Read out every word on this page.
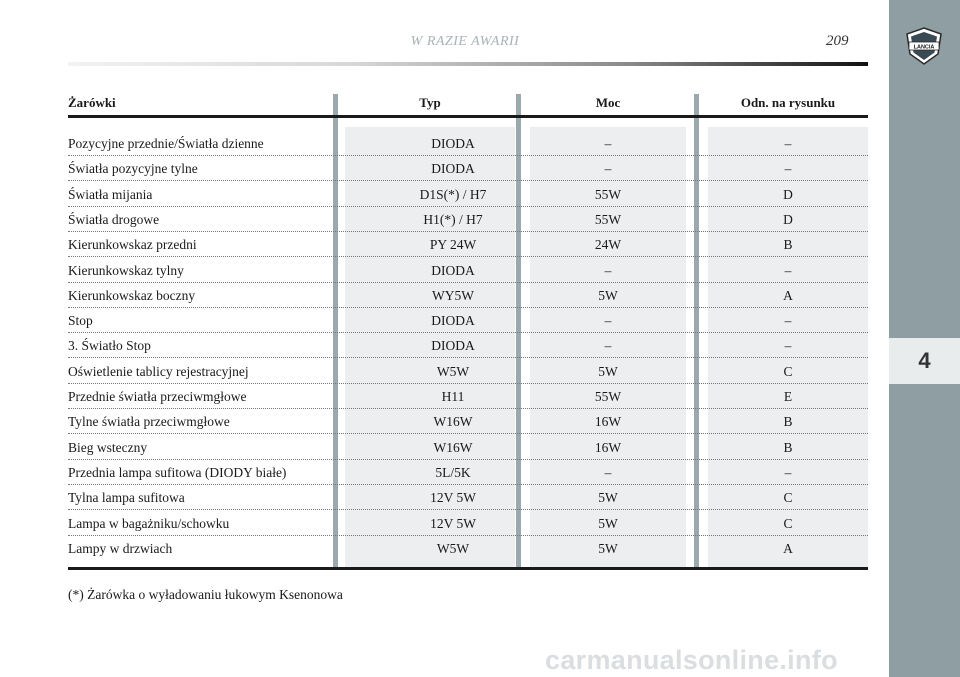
W RAZIE AWARII	209	LANCIA
4
Żarówki	Typ	Moc	Odn. na rysunku
Pozycyjne przednie/Światła dzienne	DIODA	–	–
Światła pozycyjne tylne	DIODA	–	–
Światła mijania	D1S(*) / H7	55W	D
Światła drogowe	H1(*) / H7	55W	D
Kierunkowskaz przedni	PY 24W	24W	B
Kierunkowskaz tylny	DIODA	–	–
Kierunkowskaz boczny	WY5W	5W	A
Stop	DIODA	–	–
3. Światło Stop	DIODA	–	–
Oświetlenie tablicy rejestracyjnej	W5W	5W	C
Przednie światła przeciwmgłowe	H11	55W	E
Tylne światła przeciwmgłowe	W16W	16W	B
Bieg wsteczny	W16W	16W	B
Przednia lampa sufitowa (DIODY białe)	5L/5K	–	–
Tylna lampa sufitowa	12V 5W	5W	C
Lampa w bagażniku/schowku	12V 5W	5W	C
Lampy w drzwiach	W5W	5W	A
(*) Żarówka o wyładowaniu łukowym Ksenonowa
carmanualsonline.info
